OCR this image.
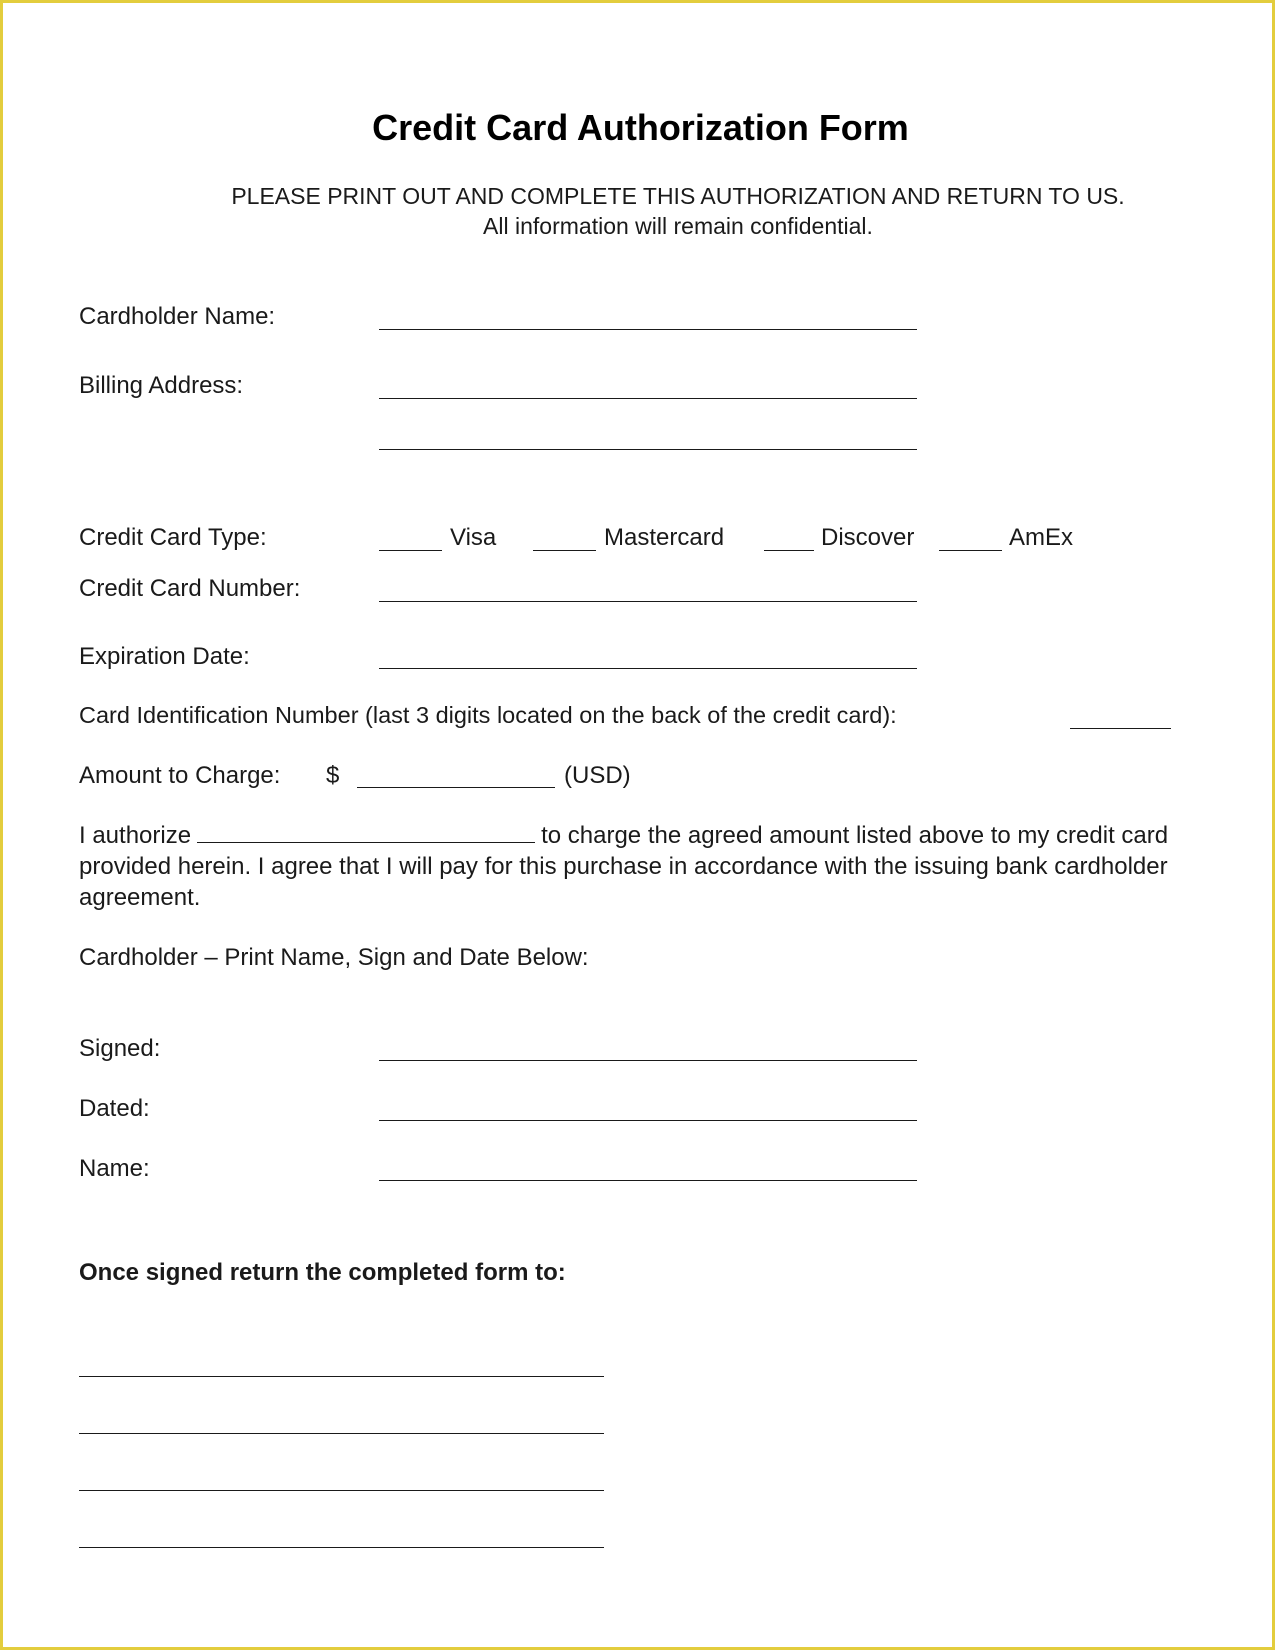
Credit Card Authorization Form
PLEASE PRINT OUT AND COMPLETE THIS AUTHORIZATION AND RETURN TO US.
All information will remain confidential.
Cardholder Name:
Billing Address:
Credit Card Type:	Visa	Mastercard	Discover	AmEx
Credit Card Number:
Expiration Date:
Card Identification Number (last 3 digits located on the back of the credit card):
Amount to Charge: $	(USD)
I authorize	to charge the agreed amount listed above to my credit card provided herein. I agree that I will pay for this purchase in accordance with the issuing bank cardholder agreement.
Cardholder – Print Name, Sign and Date Below:
Signed:
Dated:
Name:
Once signed return the completed form to:
